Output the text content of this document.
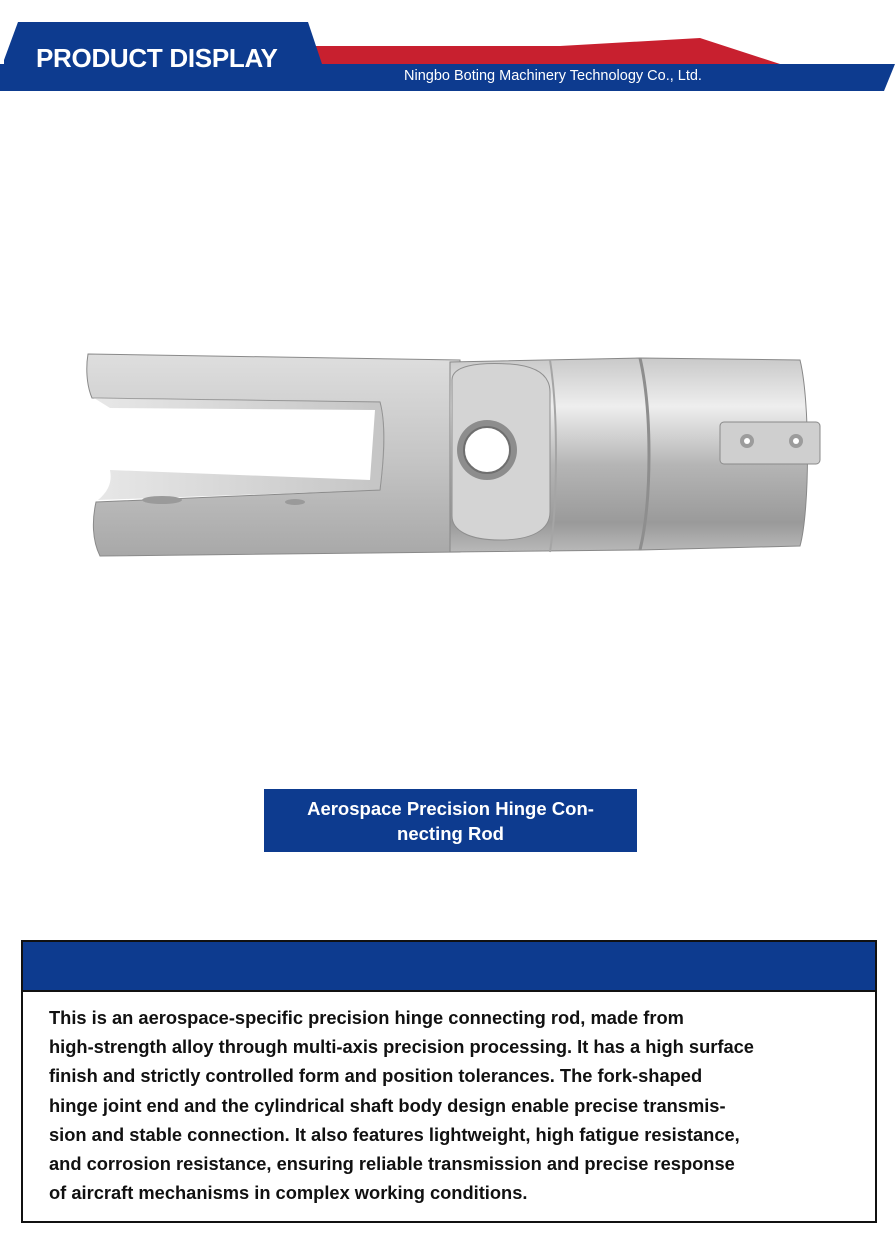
PRODUCT DISPLAY
Ningbo Boting Machinery Technology Co., Ltd.
Aerospace Precision Hinge Con-
necting Rod

This is an aerospace-specific precision hinge connecting rod, made from
high-strength alloy through multi-axis precision processing. It has a high surface
finish and strictly controlled form and position tolerances. The fork-shaped
hinge joint end and the cylindrical shaft body design enable precise transmis-
sion and stable connection. It also features lightweight, high fatigue resistance,
and corrosion resistance, ensuring reliable transmission and precise response
of aircraft mechanisms in complex working conditions.
